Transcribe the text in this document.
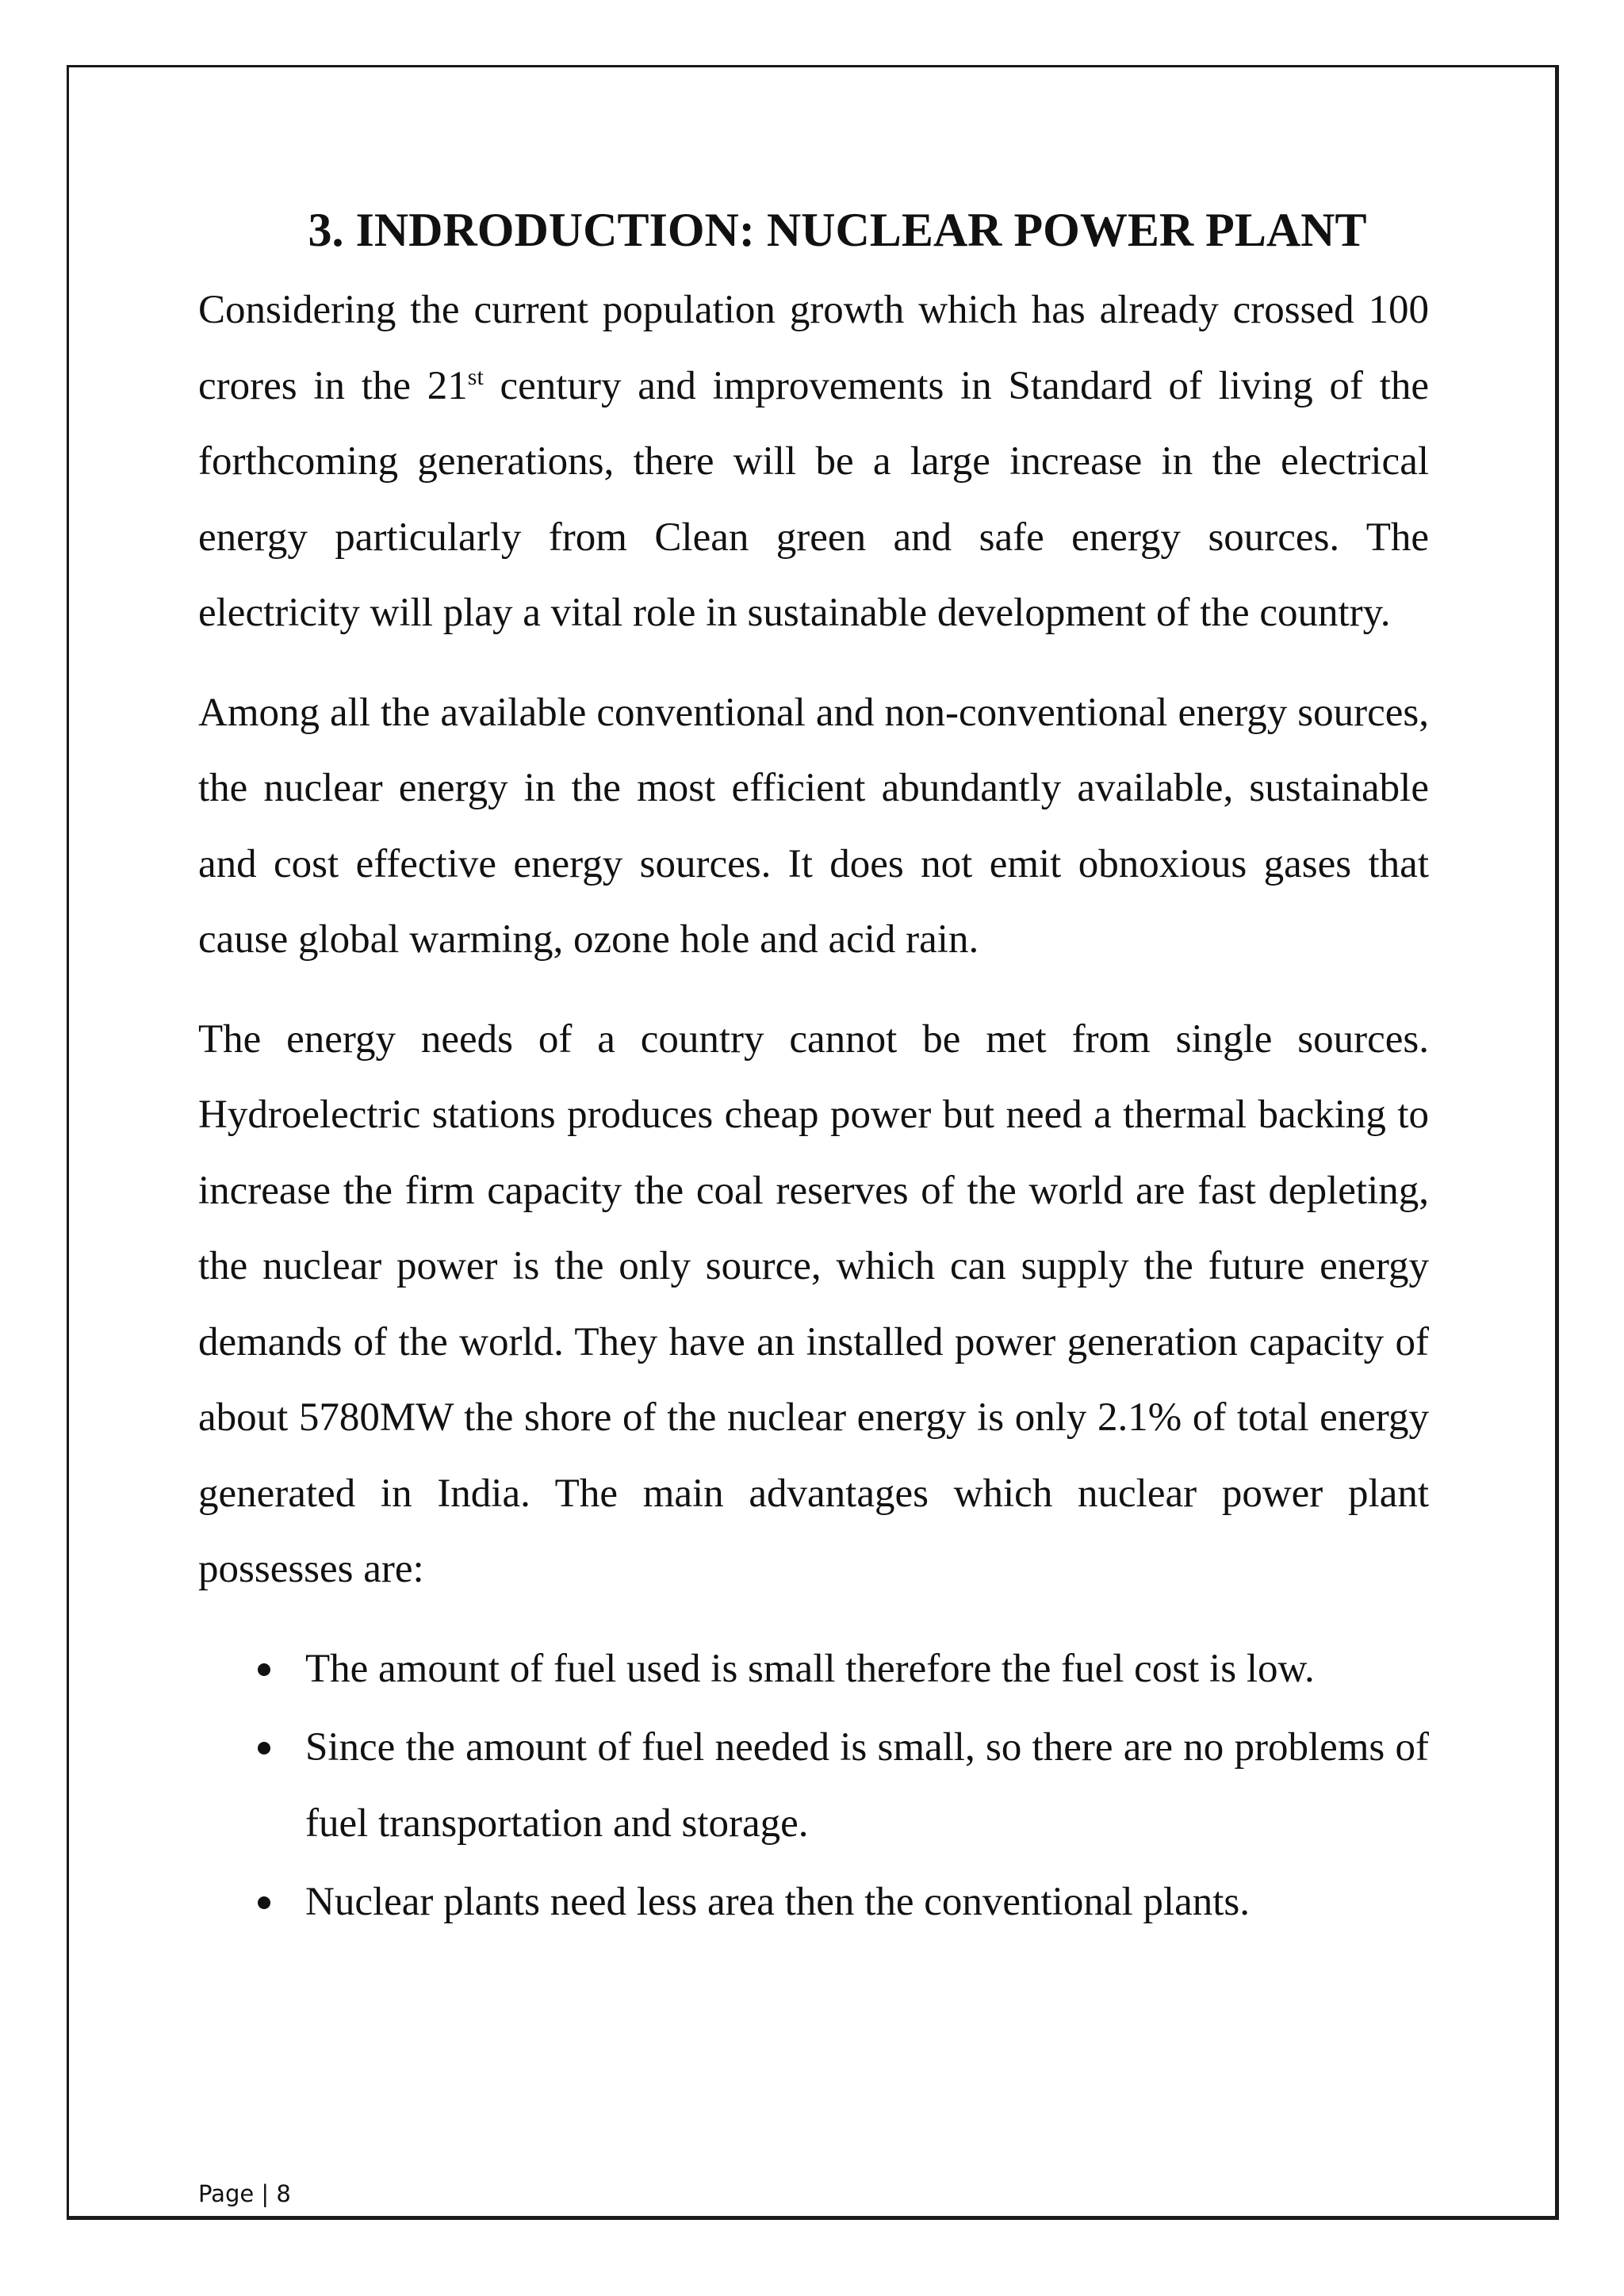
3. INDRODUCTION: NUCLEAR POWER PLANT

Considering the current population growth which has already crossed 100 crores in the 21st century and improvements in Standard of living of the forthcoming generations, there will be a large increase in the electrical energy particularly from Clean green and safe energy sources. The electricity will play a vital role in sustainable development of the country.

Among all the available conventional and non-conventional energy sources, the nuclear energy in the most efficient abundantly available, sustainable and cost effective energy sources. It does not emit obnoxious gases that cause global warming, ozone hole and acid rain.

The energy needs of a country cannot be met from single sources. Hydroelectric stations produces cheap power but need a thermal backing to increase the firm capacity the coal reserves of the world are fast depleting, the nuclear power is the only source, which can supply the future energy demands of the world. They have an installed power generation capacity of about 5780MW the shore of the nuclear energy is only 2.1% of total energy generated in India. The main advantages which nuclear power plant possesses are:

The amount of fuel used is small therefore the fuel cost is low.
Since the amount of fuel needed is small, so there are no problems of fuel transportation and storage.
Nuclear plants need less area then the conventional plants.
Page | 8
